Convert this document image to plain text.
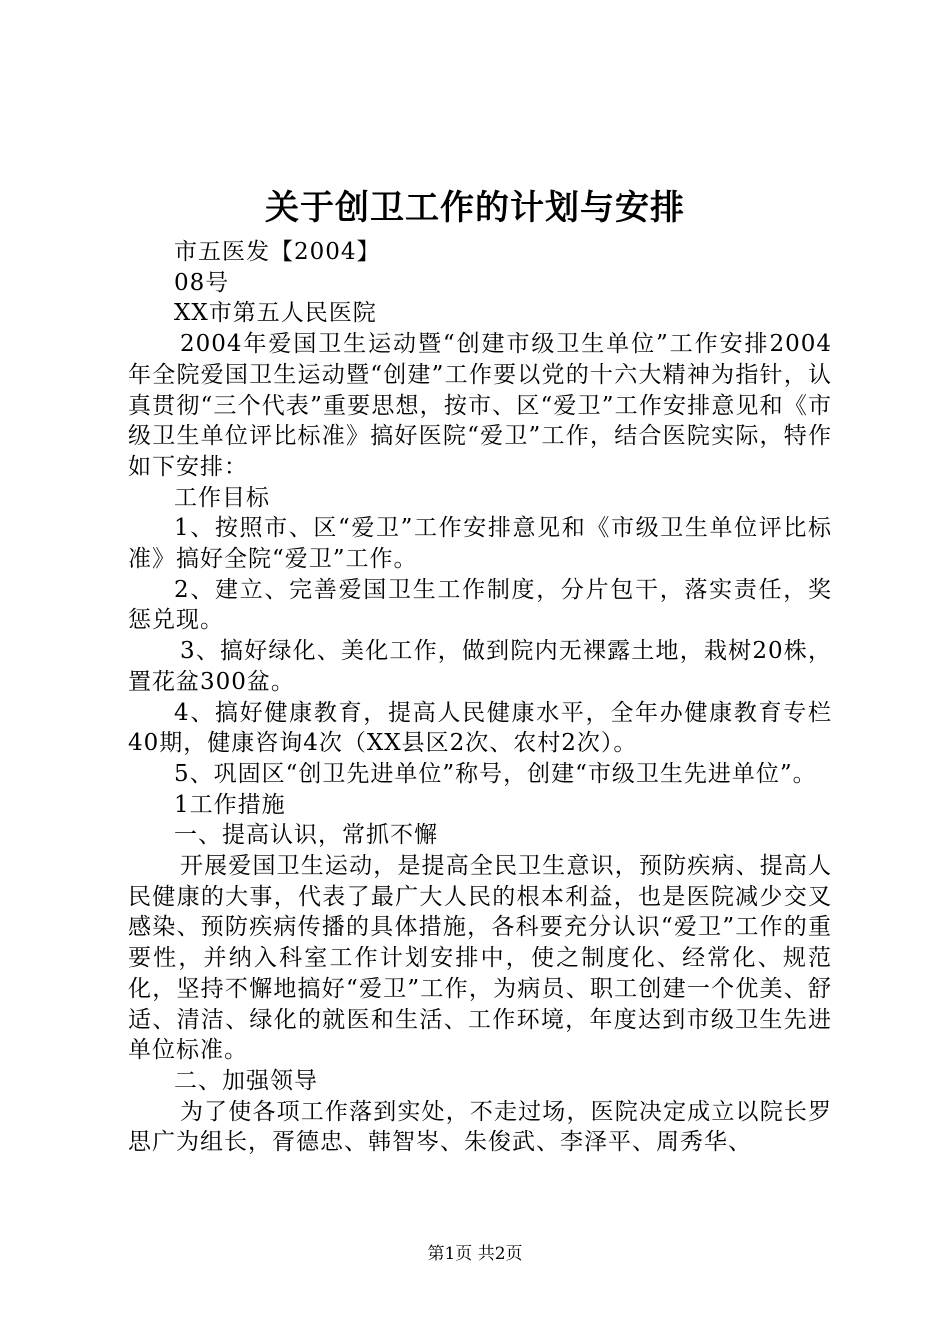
关于创卫工作的计划与安排

市五医发【2004】

08号

XX市第五人民医院

2004年爱国卫生运动暨“创建市级卫生单位”工作安排2004年全院爱国卫生运动暨“创建”工作要以党的十六大精神为指针，认真贯彻“三个代表”重要思想，按市、区“爱卫”工作安排意见和《市级卫生单位评比标准》搞好医院“爱卫”工作，结合医院实际，特作如下安排：

工作目标

1、按照市、区“爱卫”工作安排意见和《市级卫生单位评比标准》搞好全院“爱卫”工作。

2、建立、完善爱国卫生工作制度，分片包干，落实责任，奖惩兑现。

3、搞好绿化、美化工作，做到院内无裸露土地，栽树20株，置花盆300盆。

4、搞好健康教育，提高人民健康水平，全年办健康教育专栏40期，健康咨询4次（XX县区2次、农村2次）。

5、巩固区“创卫先进单位”称号，创建“市级卫生先进单位”。

1工作措施

一、提高认识，常抓不懈

开展爱国卫生运动，是提高全民卫生意识，预防疾病、提高人民健康的大事，代表了最广大人民的根本利益，也是医院减少交叉感染、预防疾病传播的具体措施，各科要充分认识“爱卫”工作的重要性，并纳入科室工作计划安排中，使之制度化、经常化、规范化，坚持不懈地搞好“爱卫”工作，为病员、职工创建一个优美、舒适、清洁、绿化的就医和生活、工作环境，年度达到市级卫生先进单位标准。

二、加强领导

为了使各项工作落到实处，不走过场，医院决定成立以院长罗思广为组长，胥德忠、韩智岑、朱俊武、李泽平、周秀华、

第1页 共2页
